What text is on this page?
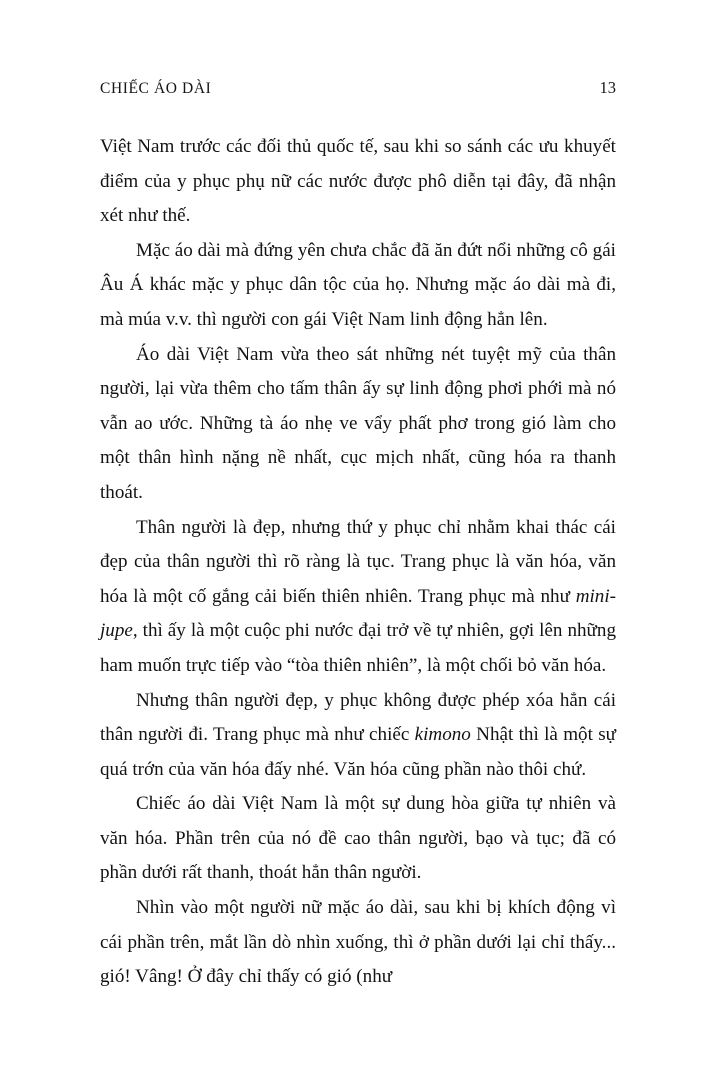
CHIẾC ÁO DÀI	13

Việt Nam trước các đối thủ quốc tế, sau khi so sánh các ưu khuyết điểm của y phục phụ nữ các nước được phô diễn tại đây, đã nhận xét như thế.

Mặc áo dài mà đứng yên chưa chắc đã ăn đứt nổi những cô gái Âu Á khác mặc y phục dân tộc của họ. Nhưng mặc áo dài mà đi, mà múa v.v. thì người con gái Việt Nam linh động hẳn lên.

Áo dài Việt Nam vừa theo sát những nét tuyệt mỹ của thân người, lại vừa thêm cho tấm thân ấy sự linh động phơi phới mà nó vẫn ao ước. Những tà áo nhẹ ve vẩy phất phơ trong gió làm cho một thân hình nặng nề nhất, cục mịch nhất, cũng hóa ra thanh thoát.

Thân người là đẹp, nhưng thứ y phục chỉ nhằm khai thác cái đẹp của thân người thì rõ ràng là tục. Trang phục là văn hóa, văn hóa là một cố gắng cải biến thiên nhiên. Trang phục mà như mini-jupe, thì ấy là một cuộc phi nước đại trở về tự nhiên, gợi lên những ham muốn trực tiếp vào “tòa thiên nhiên”, là một chối bỏ văn hóa.

Nhưng thân người đẹp, y phục không được phép xóa hẳn cái thân người đi. Trang phục mà như chiếc kimono Nhật thì là một sự quá trớn của văn hóa đấy nhé. Văn hóa cũng phần nào thôi chứ.

Chiếc áo dài Việt Nam là một sự dung hòa giữa tự nhiên và văn hóa. Phần trên của nó đề cao thân người, bạo và tục; đã có phần dưới rất thanh, thoát hẳn thân người.

Nhìn vào một người nữ mặc áo dài, sau khi bị khích động vì cái phần trên, mắt lần dò nhìn xuống, thì ở phần dưới lại chỉ thấy... gió! Vâng! Ở đây chỉ thấy có gió (như
